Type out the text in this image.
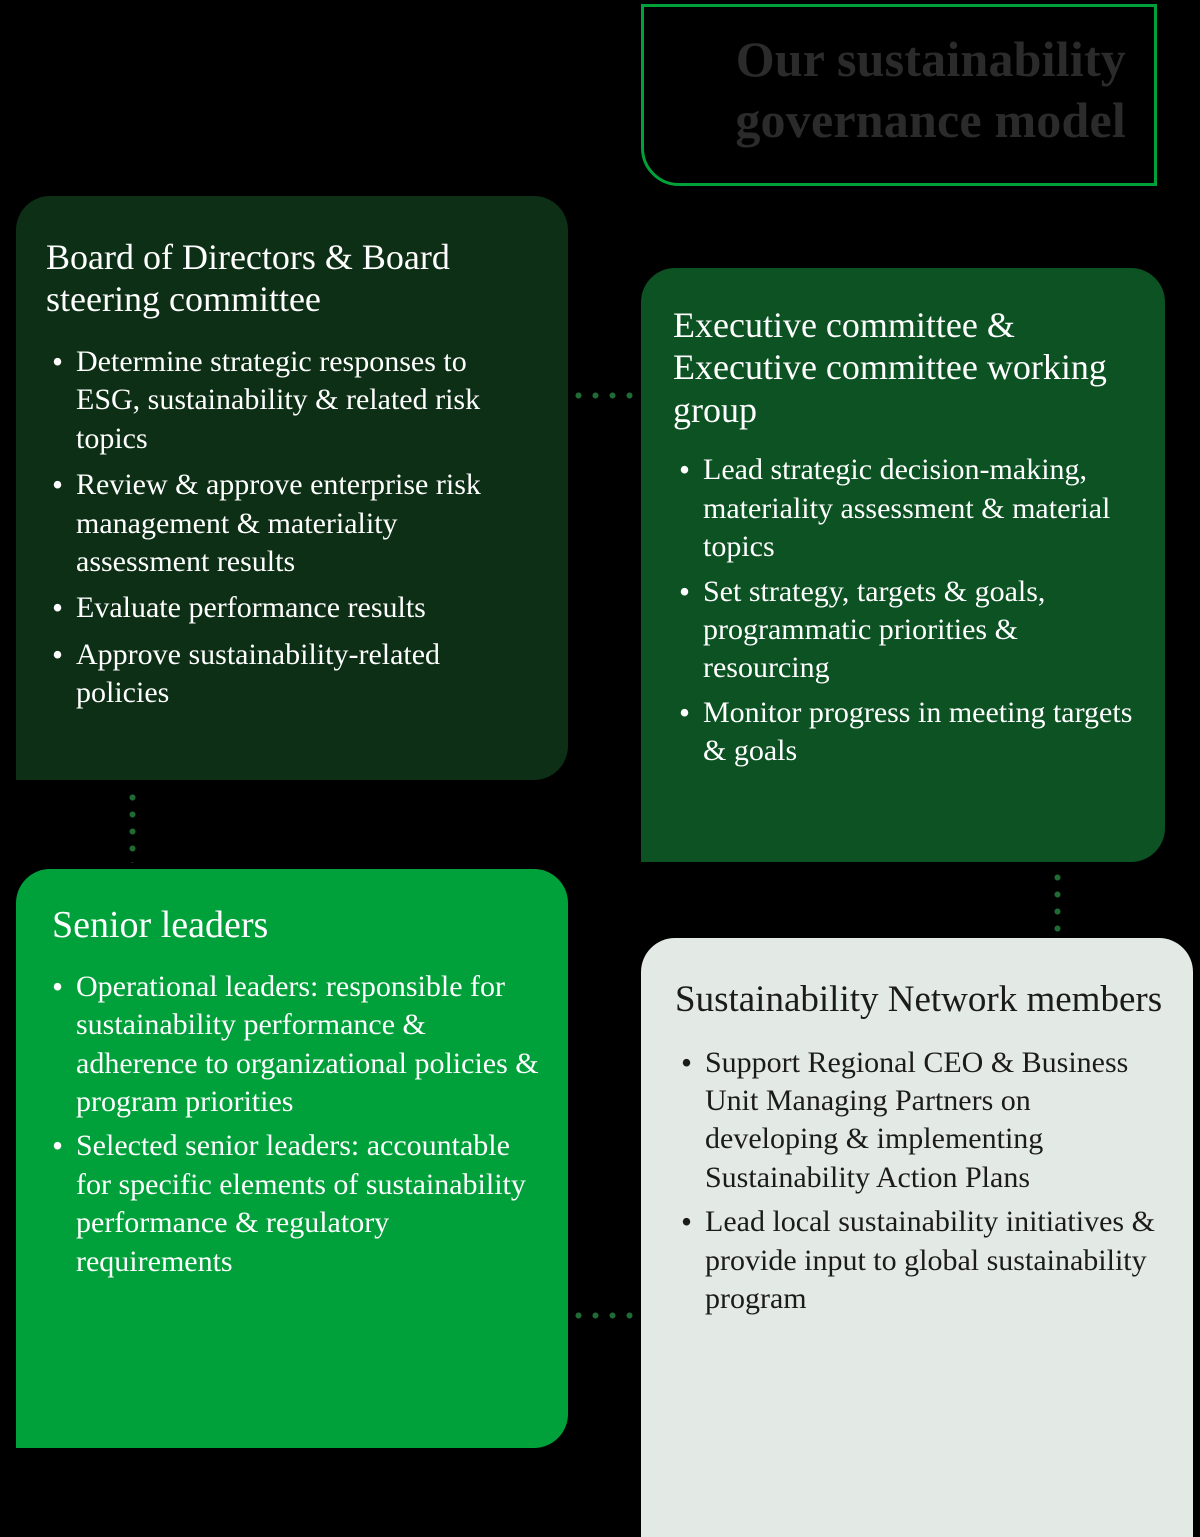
Our sustainability governance model
Board of Directors & Board steering committee
• Determine strategic responses to ESG, sustainability & related risk topics
• Review & approve enterprise risk management & materiality assessment results
• Evaluate performance results
• Approve sustainability-related policies
Executive committee & Executive committee working group
• Lead strategic decision-making, materiality assessment & material topics
• Set strategy, targets & goals, programmatic priorities & resourcing
• Monitor progress in meeting targets & goals
Senior leaders
• Operational leaders: responsible for sustainability performance & adherence to organizational policies & program priorities
• Selected senior leaders: accountable for specific elements of sustainability performance & regulatory requirements
Sustainability Network members
• Support Regional CEO & Business Unit Managing Partners on developing & implementing Sustainability Action Plans
• Lead local sustainability initiatives & provide input to global sustainability program
